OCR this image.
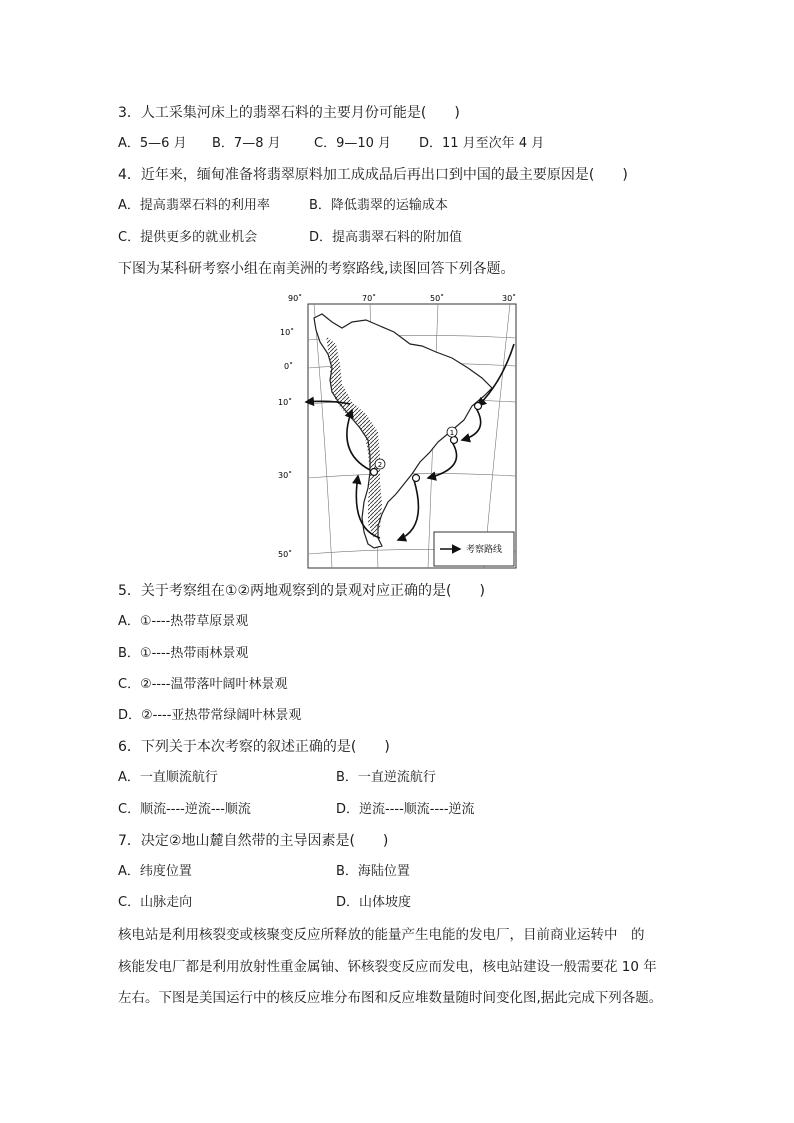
3．人工采集河床上的翡翠石料的主要月份可能是(　　)
A．5—6 月 B．7—8 月	C．9—10 月 D．11 月至次年 4 月
4．近年来，缅甸准备将翡翠原料加工成成品后再出口到中国的最主要原因是(　　)
A．提高翡翠石料的利用率	B．降低翡翠的运输成本
C．提供更多的就业机会	D．提高翡翠石料的附加值
下图为某科研考察小组在南美洲的考察路线,读图回答下列各题。
90˚	70˚	50˚	30˚
10˚
0˚
10˚
30˚
50˚
1
2
考察路线
5．关于考察组在①②两地观察到的景观对应正确的是(　　)
A．①----热带草原景观
B．①----热带雨林景观
C．②----温带落叶阔叶林景观
D．②----亚热带常绿阔叶林景观
6．下列关于本次考察的叙述正确的是(　　)
A．一直顺流航行	B．一直逆流航行
C．顺流----逆流---顺流	D．逆流----顺流----逆流
7．决定②地山麓自然带的主导因素是(　　)
A．纬度位置	B．海陆位置
C．山脉走向	D．山体坡度
核电站是利用核裂变或核聚变反应所释放的能量产生电能的发电厂，目前商业运转中　的
核能发电厂都是利用放射性重金属铀、钚核裂变反应而发电，核电站建设一般需要花 10 年
左右。下图是美国运行中的核反应堆分布图和反应堆数量随时间变化图,据此完成下列各题。
